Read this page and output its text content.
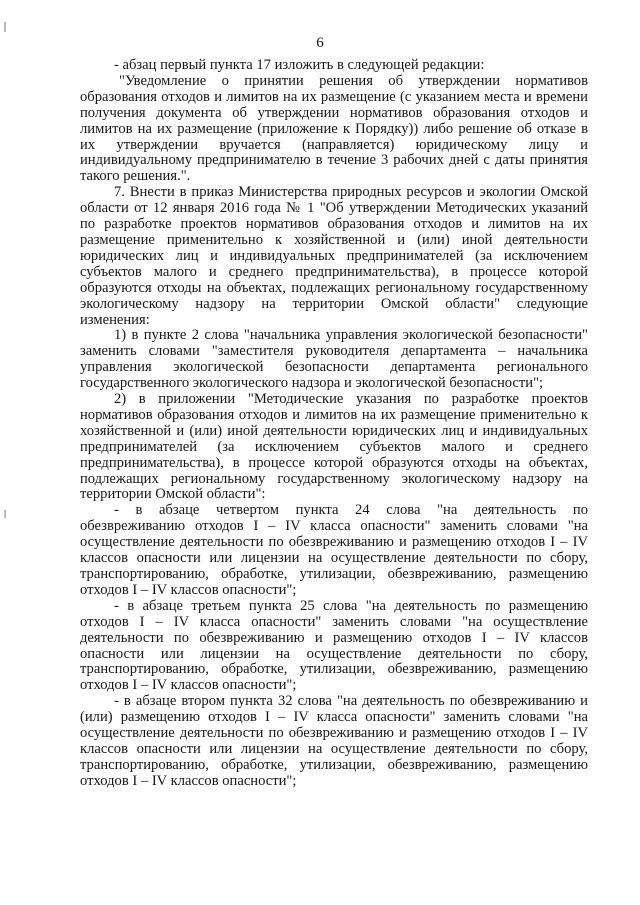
6
- абзац первый пункта 17 изложить в следующей редакции:
"Уведомление о принятии решения об утверждении нормативов
образования отходов и лимитов на их размещение (с указанием места и времени
получения документа об утверждении нормативов образования отходов и
лимитов на их размещение (приложение к Порядку)) либо решение об отказе в
их утверждении вручается (направляется) юридическому лицу и
индивидуальному предпринимателю в течение 3 рабочих дней с даты принятия
такого решения.".
7. Внести в приказ Министерства природных ресурсов и экологии Омской
области от 12 января 2016 года № 1 "Об утверждении Методических указаний
по разработке проектов нормативов образования отходов и лимитов на их
размещение применительно к хозяйственной и (или) иной деятельности
юридических лиц и индивидуальных предпринимателей (за исключением
субъектов малого и среднего предпринимательства), в процессе которой
образуются отходы на объектах, подлежащих региональному государственному
экологическому надзору на территории Омской области" следующие
изменения:
1) в пункте 2 слова "начальника управления экологической безопасности"
заменить словами "заместителя руководителя департамента – начальника
управления экологической безопасности департамента регионального
государственного экологического надзора и экологической безопасности";
2) в приложении "Методические указания по разработке проектов
нормативов образования отходов и лимитов на их размещение применительно к
хозяйственной и (или) иной деятельности юридических лиц и индивидуальных
предпринимателей (за исключением субъектов малого и среднего
предпринимательства), в процессе которой образуются отходы на объектах,
подлежащих региональному государственному экологическому надзору на
территории Омской области":
- в абзаце четвертом пункта 24 слова "на деятельность по
обезвреживанию отходов I – IV класса опасности" заменить словами "на
осуществление деятельности по обезвреживанию и размещению отходов I – IV
классов опасности или лицензии на осуществление деятельности по сбору,
транспортированию, обработке, утилизации, обезвреживанию, размещению
отходов I – IV классов опасности";
- в абзаце третьем пункта 25 слова "на деятельность по размещению
отходов I – IV класса опасности" заменить словами "на осуществление
деятельности по обезвреживанию и размещению отходов I – IV классов
опасности или лицензии на осуществление деятельности по сбору,
транспортированию, обработке, утилизации, обезвреживанию, размещению
отходов I – IV классов опасности";
- в абзаце втором пункта 32 слова "на деятельность по обезвреживанию и
(или) размещению отходов I – IV класса опасности" заменить словами "на
осуществление деятельности по обезвреживанию и размещению отходов I – IV
классов опасности или лицензии на осуществление деятельности по сбору,
транспортированию, обработке, утилизации, обезвреживанию, размещению
отходов I – IV классов опасности";
